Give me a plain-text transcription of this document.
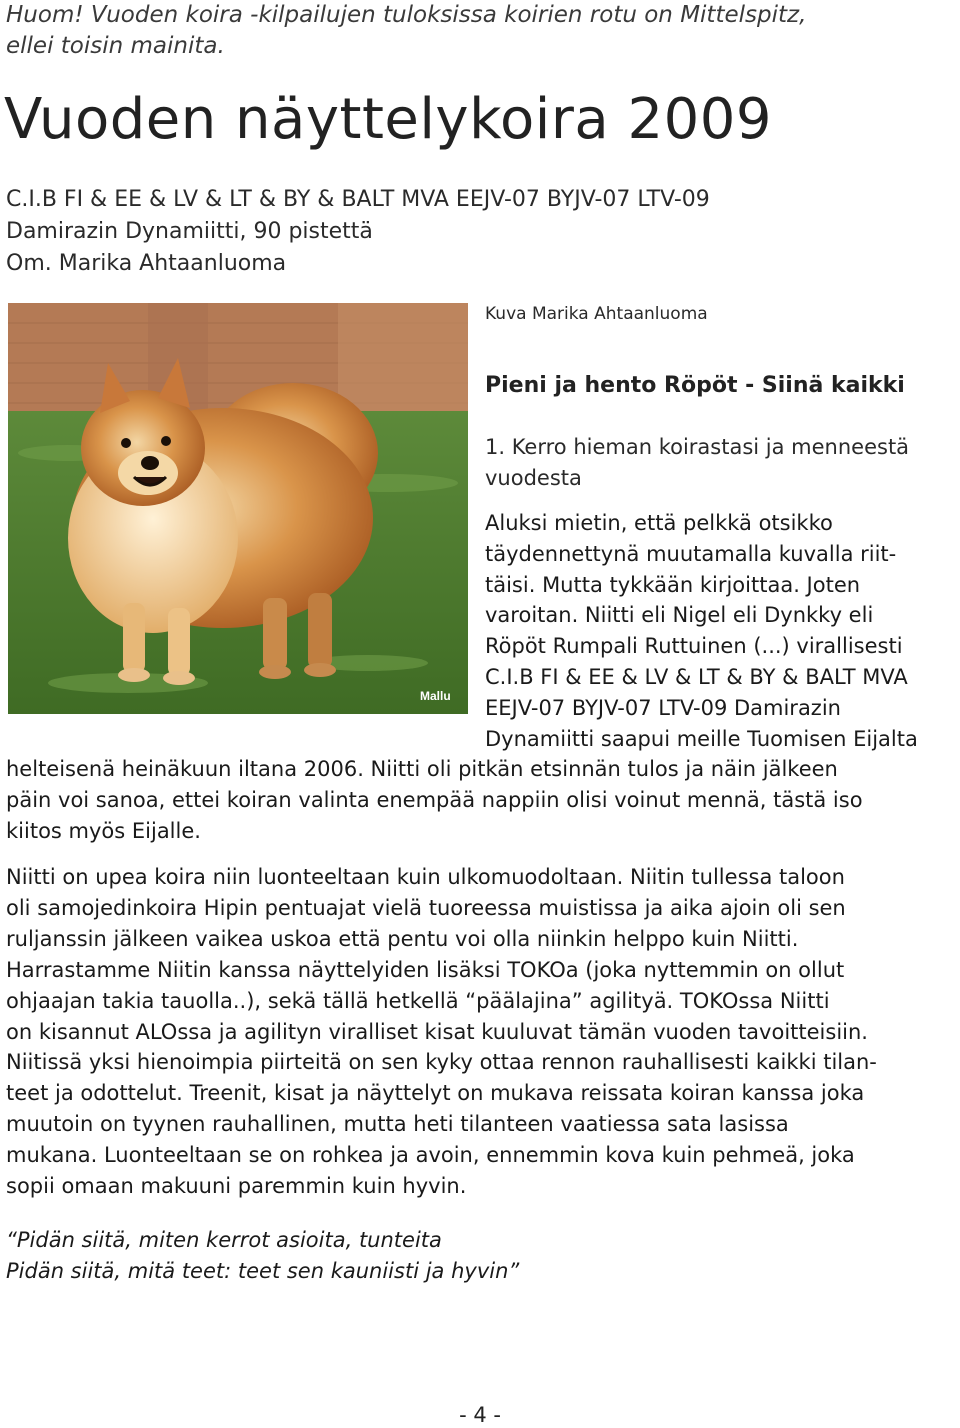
Huom! Vuoden koira -kilpailujen tuloksissa koirien rotu on Mittelspitz,
ellei toisin mainita.
Vuoden näyttelykoira 2009
C.I.B FI & EE & LV & LT & BY & BALT MVA EEJV-07 BYJV-07 LTV-09
Damirazin Dynamiitti, 90 pistettä
Om. Marika Ahtaanluoma
Mallu
Kuva Marika Ahtaanluoma
Pieni ja hento Röpöt - Siinä kaikki
1. Kerro hieman koirastasi ja menneestä
vuodesta
Aluksi mietin, että pelkkä otsikko
täydennettynä muutamalla kuvalla riit-
täisi. Mutta tykkään kirjoittaa. Joten
varoitan. Niitti eli Nigel eli Dynkky eli
Röpöt Rumpali Ruttuinen (...) virallisesti
C.I.B FI & EE & LV & LT & BY & BALT MVA
EEJV-07 BYJV-07 LTV-09 Damirazin
Dynamiitti saapui meille Tuomisen Eijalta
helteisenä heinäkuun iltana 2006. Niitti oli pitkän etsinnän tulos ja näin jälkeen
päin voi sanoa, ettei koiran valinta enempää nappiin olisi voinut mennä, tästä iso
kiitos myös Eijalle.
Niitti on upea koira niin luonteeltaan kuin ulkomuodoltaan. Niitin tullessa taloon
oli samojedinkoira Hipin pentuajat vielä tuoreessa muistissa ja aika ajoin oli sen
ruljanssin jälkeen vaikea uskoa että pentu voi olla niinkin helppo kuin Niitti.
Harrastamme Niitin kanssa näyttelyiden lisäksi TOKOa (joka nyttemmin on ollut
ohjaajan takia tauolla..), sekä tällä hetkellä “päälajina” agilityä. TOKOssa Niitti
on kisannut ALOssa ja agilityn viralliset kisat kuuluvat tämän vuoden tavoitteisiin.
Niitissä yksi hienoimpia piirteitä on sen kyky ottaa rennon rauhallisesti kaikki tilan-
teet ja odottelut. Treenit, kisat ja näyttelyt on mukava reissata koiran kanssa joka
muutoin on tyynen rauhallinen, mutta heti tilanteen vaatiessa sata lasissa
mukana. Luonteeltaan se on rohkea ja avoin, ennemmin kova kuin pehmeä, joka
sopii omaan makuuni paremmin kuin hyvin.
“Pidän siitä, miten kerrot asioita, tunteita
Pidän siitä, mitä teet: teet sen kauniisti ja hyvin”
- 4 -
